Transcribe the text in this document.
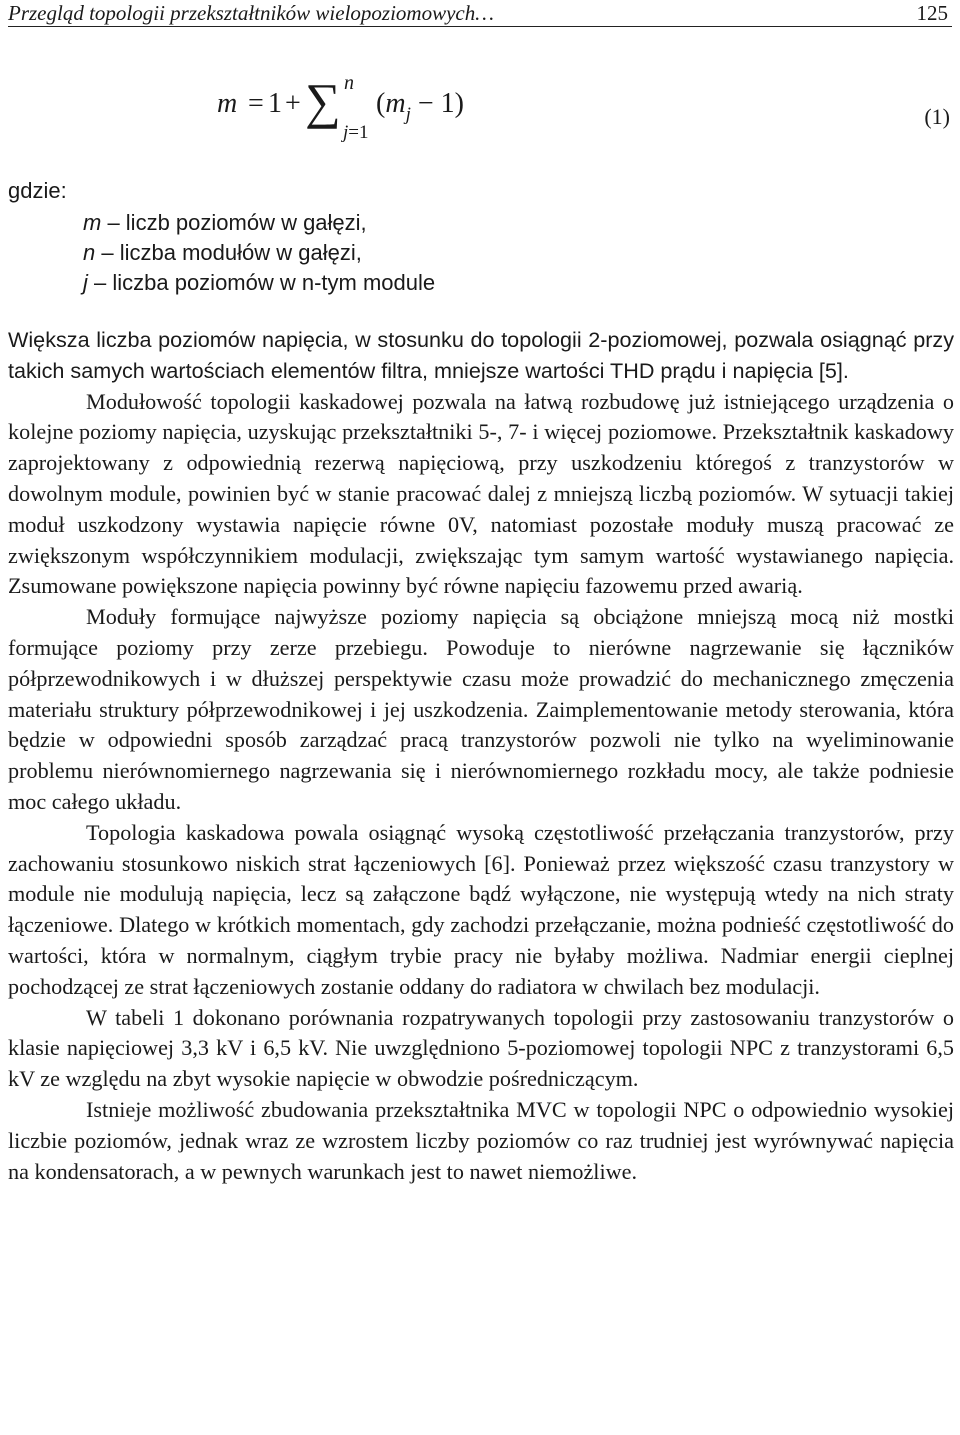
Przegląd topologii przekształtników wielopoziomowych…	125
m = 1 + ∑ n
j=1
$(m_j - 1)$	(1)
gdzie:
m – liczb poziomów w gałęzi,
n – liczba modułów w gałęzi,
j – liczba poziomów w n-tym module

Większa liczba poziomów napięcia, w stosunku do topologii 2-poziomowej, pozwala osiągnąć przy takich samych wartościach elementów filtra, mniejsze wartości THD prądu i napięcia [5].

Modułowość topologii kaskadowej pozwala na łatwą rozbudowę już istniejącego urządzenia o kolejne poziomy napięcia, uzyskując przekształtniki 5-, 7- i więcej poziomowe. Przekształtnik kaskadowy zaprojektowany z odpowiednią rezerwą napięciową, przy uszkodzeniu któregoś z tranzystorów w dowolnym module, powinien być w stanie pracować dalej z mniejszą liczbą poziomów. W sytuacji takiej moduł uszkodzony wystawia napięcie równe 0V, natomiast pozostałe moduły muszą pracować ze zwiększonym współczynnikiem modulacji, zwiększając tym samym wartość wystawianego napięcia. Zsumowane powiększone napięcia powinny być równe napięciu fazowemu przed awarią.

Moduły formujące najwyższe poziomy napięcia są obciążone mniejszą mocą niż mostki formujące poziomy przy zerze przebiegu. Powoduje to nierówne nagrzewanie się łączników półprzewodnikowych i w dłuższej perspektywie czasu może prowadzić do mechanicznego zmęczenia materiału struktury półprzewodnikowej i jej uszkodzenia. Zaimplementowanie metody sterowania, która będzie w odpowiedni sposób zarządzać pracą tranzystorów pozwoli nie tylko na wyeliminowanie problemu nierównomiernego nagrzewania się i nierównomiernego rozkładu mocy, ale także podniesie moc całego układu.

Topologia kaskadowa powala osiągnąć wysoką częstotliwość przełączania tranzystorów, przy zachowaniu stosunkowo niskich strat łączeniowych [6]. Ponieważ przez większość czasu tranzystory w module nie modulują napięcia, lecz są załączone bądź wyłączone, nie występują wtedy na nich straty łączeniowe. Dlatego w krótkich momentach, gdy zachodzi przełączanie, można podnieść częstotliwość do wartości, która w normalnym, ciągłym trybie pracy nie byłaby możliwa. Nadmiar energii cieplnej pochodzącej ze strat łączeniowych zostanie oddany do radiatora w chwilach bez modulacji.

W tabeli 1 dokonano porównania rozpatrywanych topologii przy zastosowaniu tranzystorów o klasie napięciowej 3,3 kV i 6,5 kV. Nie uwzględniono 5-poziomowej topologii NPC z tranzystorami 6,5 kV ze względu na zbyt wysokie napięcie w obwodzie pośredniczącym.

Istnieje możliwość zbudowania przekształtnika MVC w topologii NPC o odpowiednio wysokiej liczbie poziomów, jednak wraz ze wzrostem liczby poziomów co raz trudniej jest wyrównywać napięcia na kondensatorach, a w pewnych warunkach jest to nawet niemożliwe.
